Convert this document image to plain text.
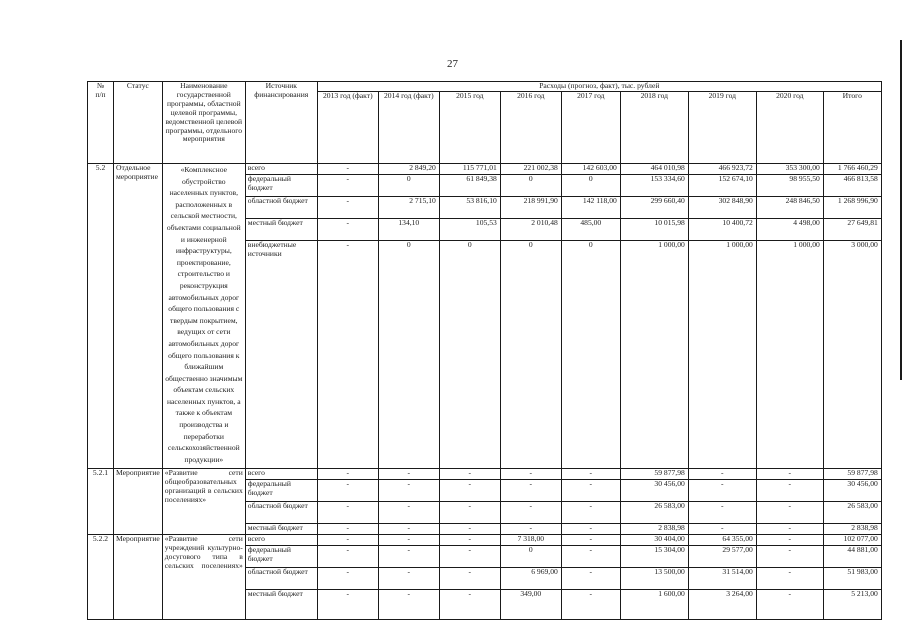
27
№
п/п	Статус	Наименование государственной программы, областной целевой программы, ведомственной целевой программы, отдельного мероприятия	Источник финансирования	Расходы (прогноз, факт), тыс. рублей								
				2013 год (факт)	2014 год (факт)	2015 год	2016 год	2017 год	2018 год	2019 год	2020 год	Итого
5.2	Отдельное мероприятие	«Комплексное обустройство населенных пунктов, расположенных в сельской местности, объектами социальной и инженерной инфраструктуры, проектирование, строительство и реконструкция автомобильных дорог общего пользования с твердым покрытием, ведущих от сети автомобильных дорог общего пользования к ближайшим общественно значимым объектам сельских населенных пунктов, а также к объектам производства и переработки сельскохозяйственной продукции»	всего	-	2 849,20	115 771,01	221 002,38	142 603,00	464 010,98	466 923,72	353 300,00	1 766 460,29
			федеральный бюджет	-	0	61 849,38	0	0	153 334,60	152 674,10	98 955,50	466 813,58
			областной бюджет	-	2 715,10	53 816,10	218 991,90	142 118,00	299 660,40	302 848,90	248 846,50	1 268 996,90
			местный бюджет	-	134,10	105,53	2 010,48	485,00	10 015,98	10 400,72	4 498,00	27 649,81
			внебюджетные источники	-	0	0	0	0	1 000,00	1 000,00	1 000,00	3 000,00
5.2.1	Мероприятие	«Развитие сети общеобразовательных организаций в сельских поселениях»	всего	-	-	-	-	-	59 877,98	-	-	59 877,98
			федеральный бюджет	-	-	-	-	-	30 456,00	-	-	30 456,00
			областной бюджет	-	-	-	-	-	26 583,00	-	-	26 583,00
			местный бюджет	-	-	-	-	-	2 838,98	-	-	2 838,98
5.2.2	Мероприятие	«Развитие сети учреждений культурно-досугового типа в сельских поселениях»	всего	-	-	-	7 318,00	-	30 404,00	64 355,00	-	102 077,00
			федеральный бюджет	-	-	-	0	-	15 304,00	29 577,00	-	44 881,00
			областной бюджет	-	-	-	6 969,00	-	13 500,00	31 514,00	-	51 983,00
			местный бюджет	-	-	-	349,00	-	1 600,00	3 264,00	-	5 213,00
